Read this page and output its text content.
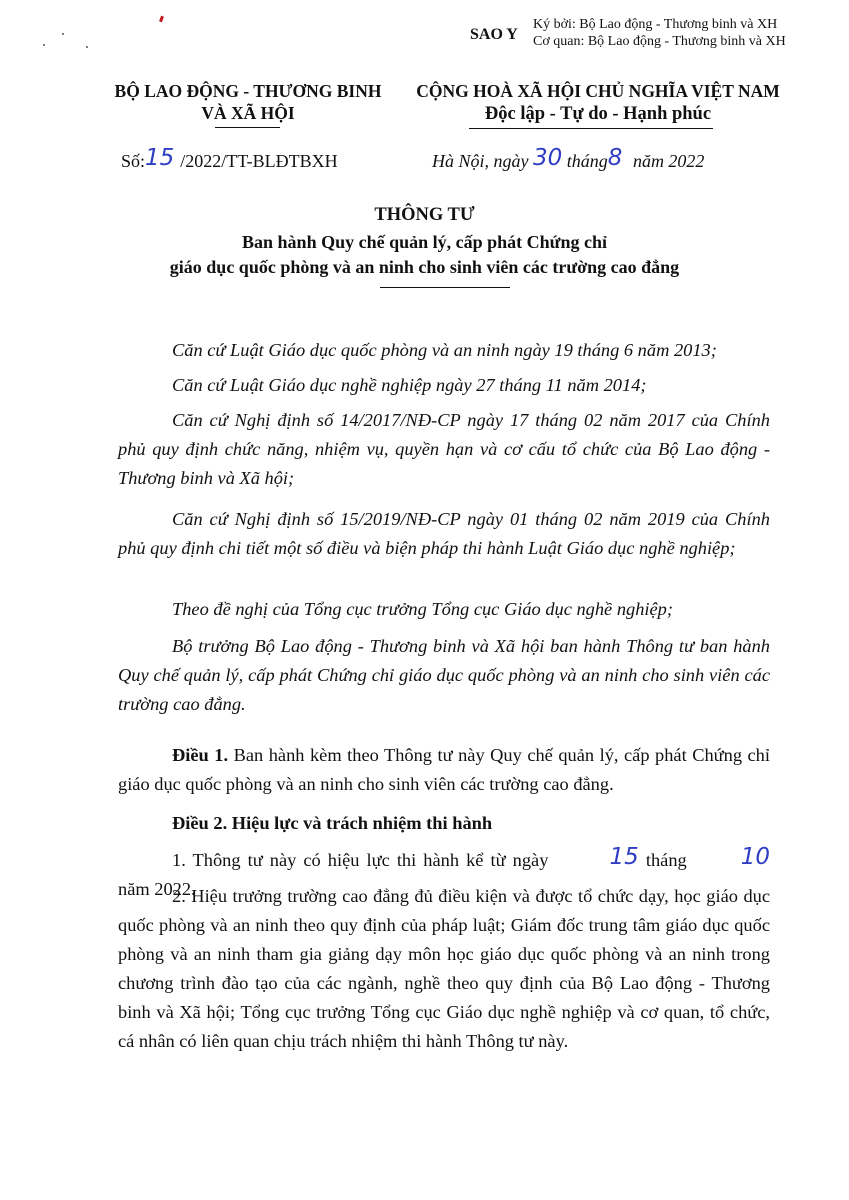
SAO Y
Ký bởi: Bộ Lao động - Thương binh và XH
Cơ quan: Bộ Lao động - Thương binh và XH
BỘ LAO ĐỘNG - THƯƠNG BINH
VÀ XÃ HỘI
CỘNG HOÀ XÃ HỘI CHỦ NGHĨA VIỆT NAM
Độc lập - Tự do - Hạnh phúc
Số:15 /2022/TT-BLĐTBXH	Hà Nội, ngày 30 tháng8 năm 2022
THÔNG TƯ
Ban hành Quy chế quản lý, cấp phát Chứng chỉ
giáo dục quốc phòng và an ninh cho sinh viên các trường cao đẳng
Căn cứ Luật Giáo dục quốc phòng và an ninh ngày 19 tháng 6 năm 2013;
Căn cứ Luật Giáo dục nghề nghiệp ngày 27 tháng 11 năm 2014;
Căn cứ Nghị định số 14/2017/NĐ-CP ngày 17 tháng 02 năm 2017 của Chính phủ quy định chức năng, nhiệm vụ, quyền hạn và cơ cấu tổ chức của Bộ Lao động - Thương binh và Xã hội;
Căn cứ Nghị định số 15/2019/NĐ-CP ngày 01 tháng 02 năm 2019 của Chính phủ quy định chi tiết một số điều và biện pháp thi hành Luật Giáo dục nghề nghiệp;
Theo đề nghị của Tổng cục trưởng Tổng cục Giáo dục nghề nghiệp;
Bộ trưởng Bộ Lao động - Thương binh và Xã hội ban hành Thông tư ban hành Quy chế quản lý, cấp phát Chứng chỉ giáo dục quốc phòng và an ninh cho sinh viên các trường cao đẳng.
Điều 1. Ban hành kèm theo Thông tư này Quy chế quản lý, cấp phát Chứng chỉ giáo dục quốc phòng và an ninh cho sinh viên các trường cao đẳng.
Điều 2. Hiệu lực và trách nhiệm thi hành
1. Thông tư này có hiệu lực thi hành kể từ ngày	15 tháng 10 năm 2022.
2. Hiệu trưởng trường cao đẳng đủ điều kiện và được tổ chức dạy, học giáo dục quốc phòng và an ninh theo quy định của pháp luật; Giám đốc trung tâm giáo dục quốc phòng và an ninh tham gia giảng dạy môn học giáo dục quốc phòng và an ninh trong chương trình đào tạo của các ngành, nghề theo quy định của Bộ Lao động - Thương binh và Xã hội; Tổng cục trưởng Tổng cục Giáo dục nghề nghiệp và cơ quan, tổ chức, cá nhân có liên quan chịu trách nhiệm thi hành Thông tư này.
